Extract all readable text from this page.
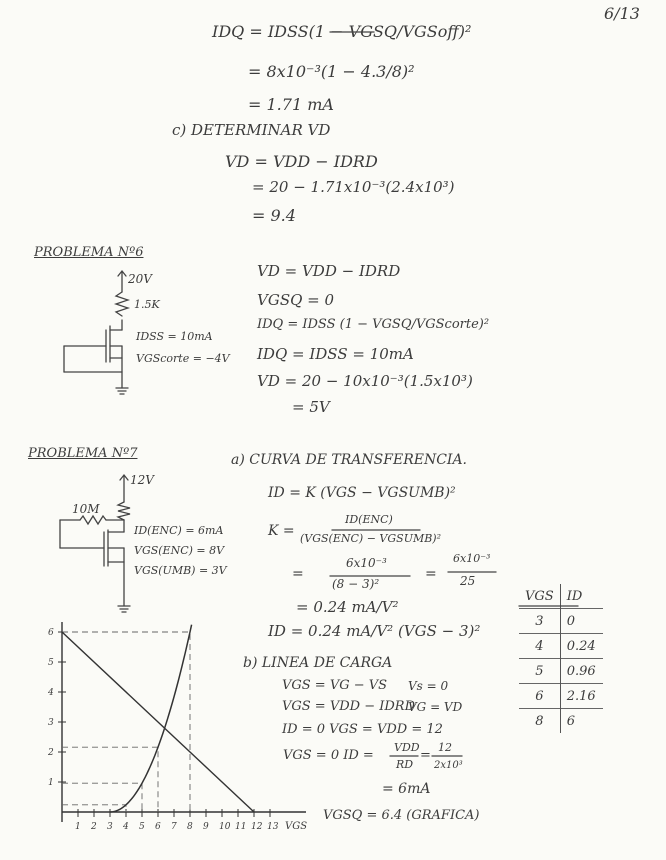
6/13
IDQ = IDSS(1 − VGSQ/VGSoff)²
= 8x10⁻³(1 − 4.3/8)²
= 1.71 mA
c) DETERMINAR VD
VD = VDD − IDRD
= 20 − 1.71x10⁻³(2.4x10³)
= 9.4
PROBLEMA Nº6
20V
1.5K
IDSS = 10mA
VGScorte = −4V
VD = VDD − IDRD
VGSQ = 0
IDQ = IDSS (1 − VGSQ/VGScorte)²
IDQ = IDSS = 10mA
VD = 20 − 10x10⁻³(1.5x10³)
= 5V
PROBLEMA Nº7
12V
10M
ID(ENC) = 6mA
VGS(ENC) = 8V
VGS(UMB) = 3V
a) CURVA DE TRANSFERENCIA.
ID = K (VGS − VGSUMB)²
K =
ID(ENC)
(VGS(ENC) − VGSUMB)²
=
6x10⁻³
(8 − 3)²
=
6x10⁻³
25
= 0.24 mA/V²
ID = 0.24 mA/V² (VGS − 3)²
b) LINEA DE CARGA
VGS = VG − VS Vs = 0
VGS = VDD − IDRD
VG = VD
ID = 0 VGS = VDD = 12
VGS = 0 ID =
VDD
RD
=
12
2x10³
= 6mA
VGSQ = 6.4 (GRAFICA)
VGS	ID
3	0
4	0.24
5	0.96
6	2.16
8	6
6
5
4
3
2
1
1 2 3 4 5 6 7 8 9 10 11 12 13 VGS
